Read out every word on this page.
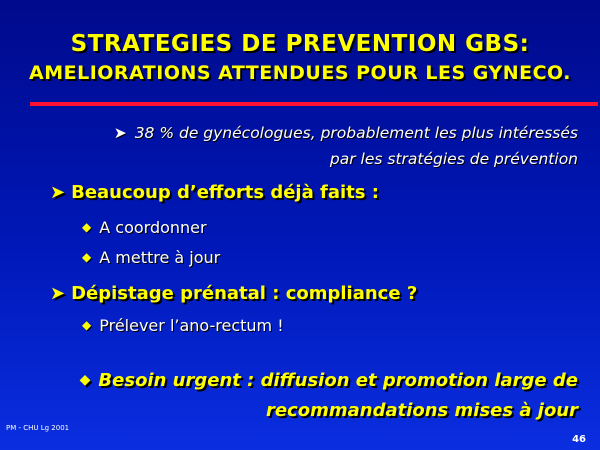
STRATEGIES DE PREVENTION GBS:
AMELIORATIONS ATTENDUES POUR LES GYNECO.
➤ 38 % de gynécologues, probablement les plus intéressés
par les stratégies de prévention
➤ Beaucoup d’efforts déjà faits :
◆ A coordonner
◆ A mettre à jour
➤ Dépistage prénatal : compliance ?
◆ Prélever l’ano-rectum !
◆ Besoin urgent : diffusion et promotion large de
recommandations mises à jour
PM - CHU Lg 2001
46
